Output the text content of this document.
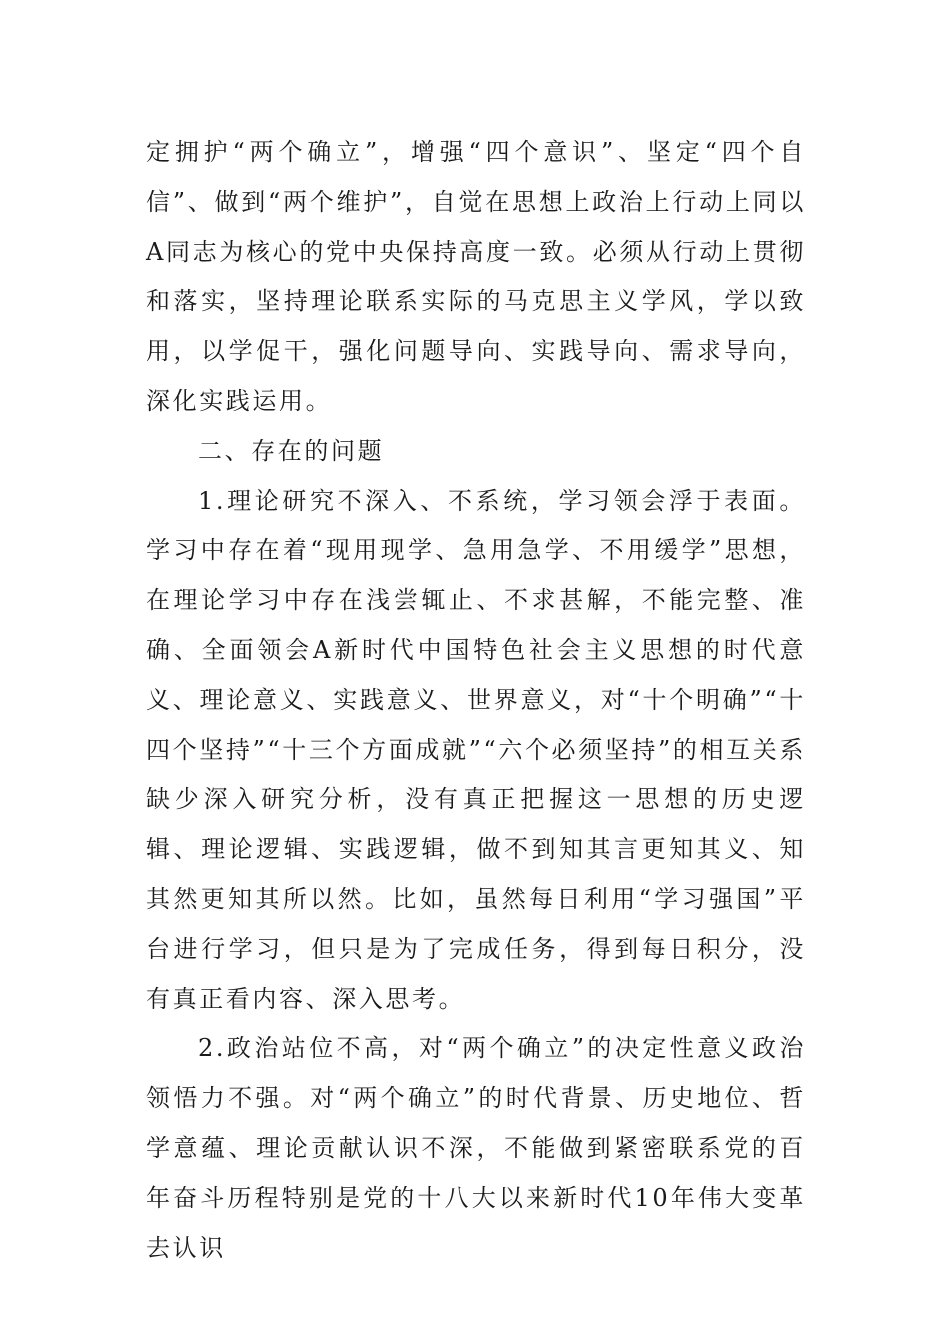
定拥护“两个确立”，增强“四个意识”、坚定“四个自信”、做到“两个维护”，自觉在思想上政治上行动上同以A同志为核心的党中央保持高度一致。必须从行动上贯彻和落实，坚持理论联系实际的马克思主义学风，学以致用，以学促干，强化问题导向、实践导向、需求导向，深化实践运用。

二、存在的问题

1.理论研究不深入、不系统，学习领会浮于表面。学习中存在着“现用现学、急用急学、不用缓学”思想，在理论学习中存在浅尝辄止、不求甚解，不能完整、准确、全面领会A新时代中国特色社会主义思想的时代意义、理论意义、实践意义、世界意义，对“十个明确”“十四个坚持”“十三个方面成就”“六个必须坚持”的相互关系缺少深入研究分析，没有真正把握这一思想的历史逻辑、理论逻辑、实践逻辑，做不到知其言更知其义、知其然更知其所以然。比如，虽然每日利用“学习强国”平台进行学习，但只是为了完成任务，得到每日积分，没有真正看内容、深入思考。

2.政治站位不高，对“两个确立”的决定性意义政治领悟力不强。对“两个确立”的时代背景、历史地位、哲学意蕴、理论贡献认识不深，不能做到紧密联系党的百年奋斗历程特别是党的十八大以来新时代10年伟大变革去认识
